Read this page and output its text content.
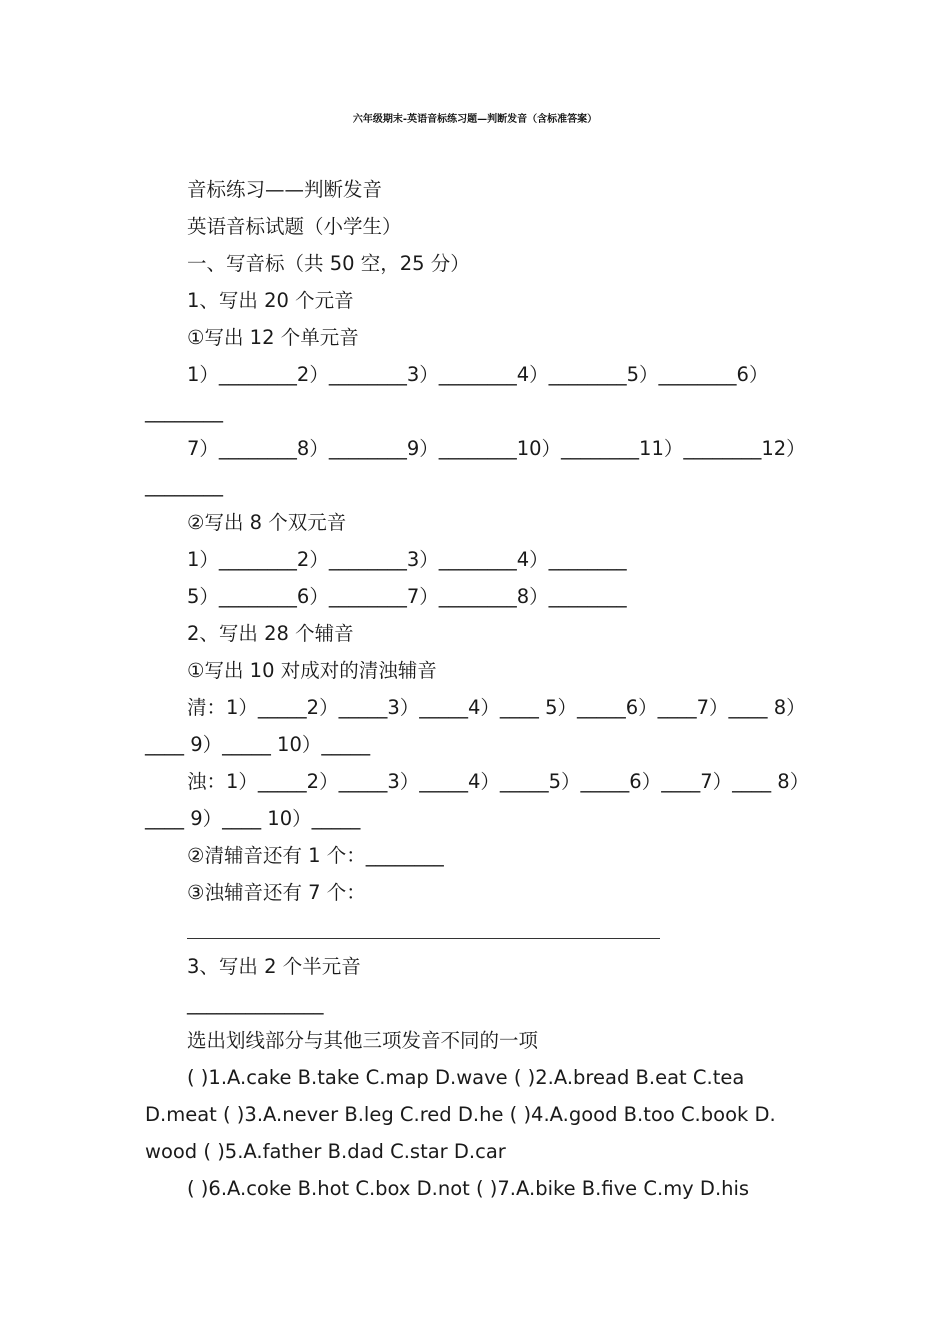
六年级期末-英语音标练习题—判断发音（含标准答案）
音标练习——判断发音
英语音标试题（小学生）
一、写音标（共 50 空，25 分）
1、写出 20 个元音
①写出 12 个单元音
1）________2）________3）________4）________5）________6）
________
7）________8）________9）________10）________11）________12）
________
②写出 8 个双元音
1）________2）________3）________4）________
5）________6）________7）________8）________
2、写出 28 个辅音
①写出 10 对成对的清浊辅音
清：1）_____2）_____3）_____4）____ 5）_____6）____7）____ 8）
____ 9）_____ 10）_____
浊：1）_____2）_____3）_____4）_____5）_____6）____7）____ 8）
____ 9）____ 10）_____
②清辅音还有 1 个：________
③浊辅音还有 7 个：
3、写出 2 个半元音
______________
选出划线部分与其他三项发音不同的一项
( )1.A.cake B.take C.map D.wave ( )2.A.bread B.eat C.tea
D.meat ( )3.A.never B.leg C.red D.he ( )4.A.good B.too C.book D.
wood ( )5.A.father B.dad C.star D.car
( )6.A.coke B.hot C.box D.not ( )7.A.bike B.five C.my D.his
